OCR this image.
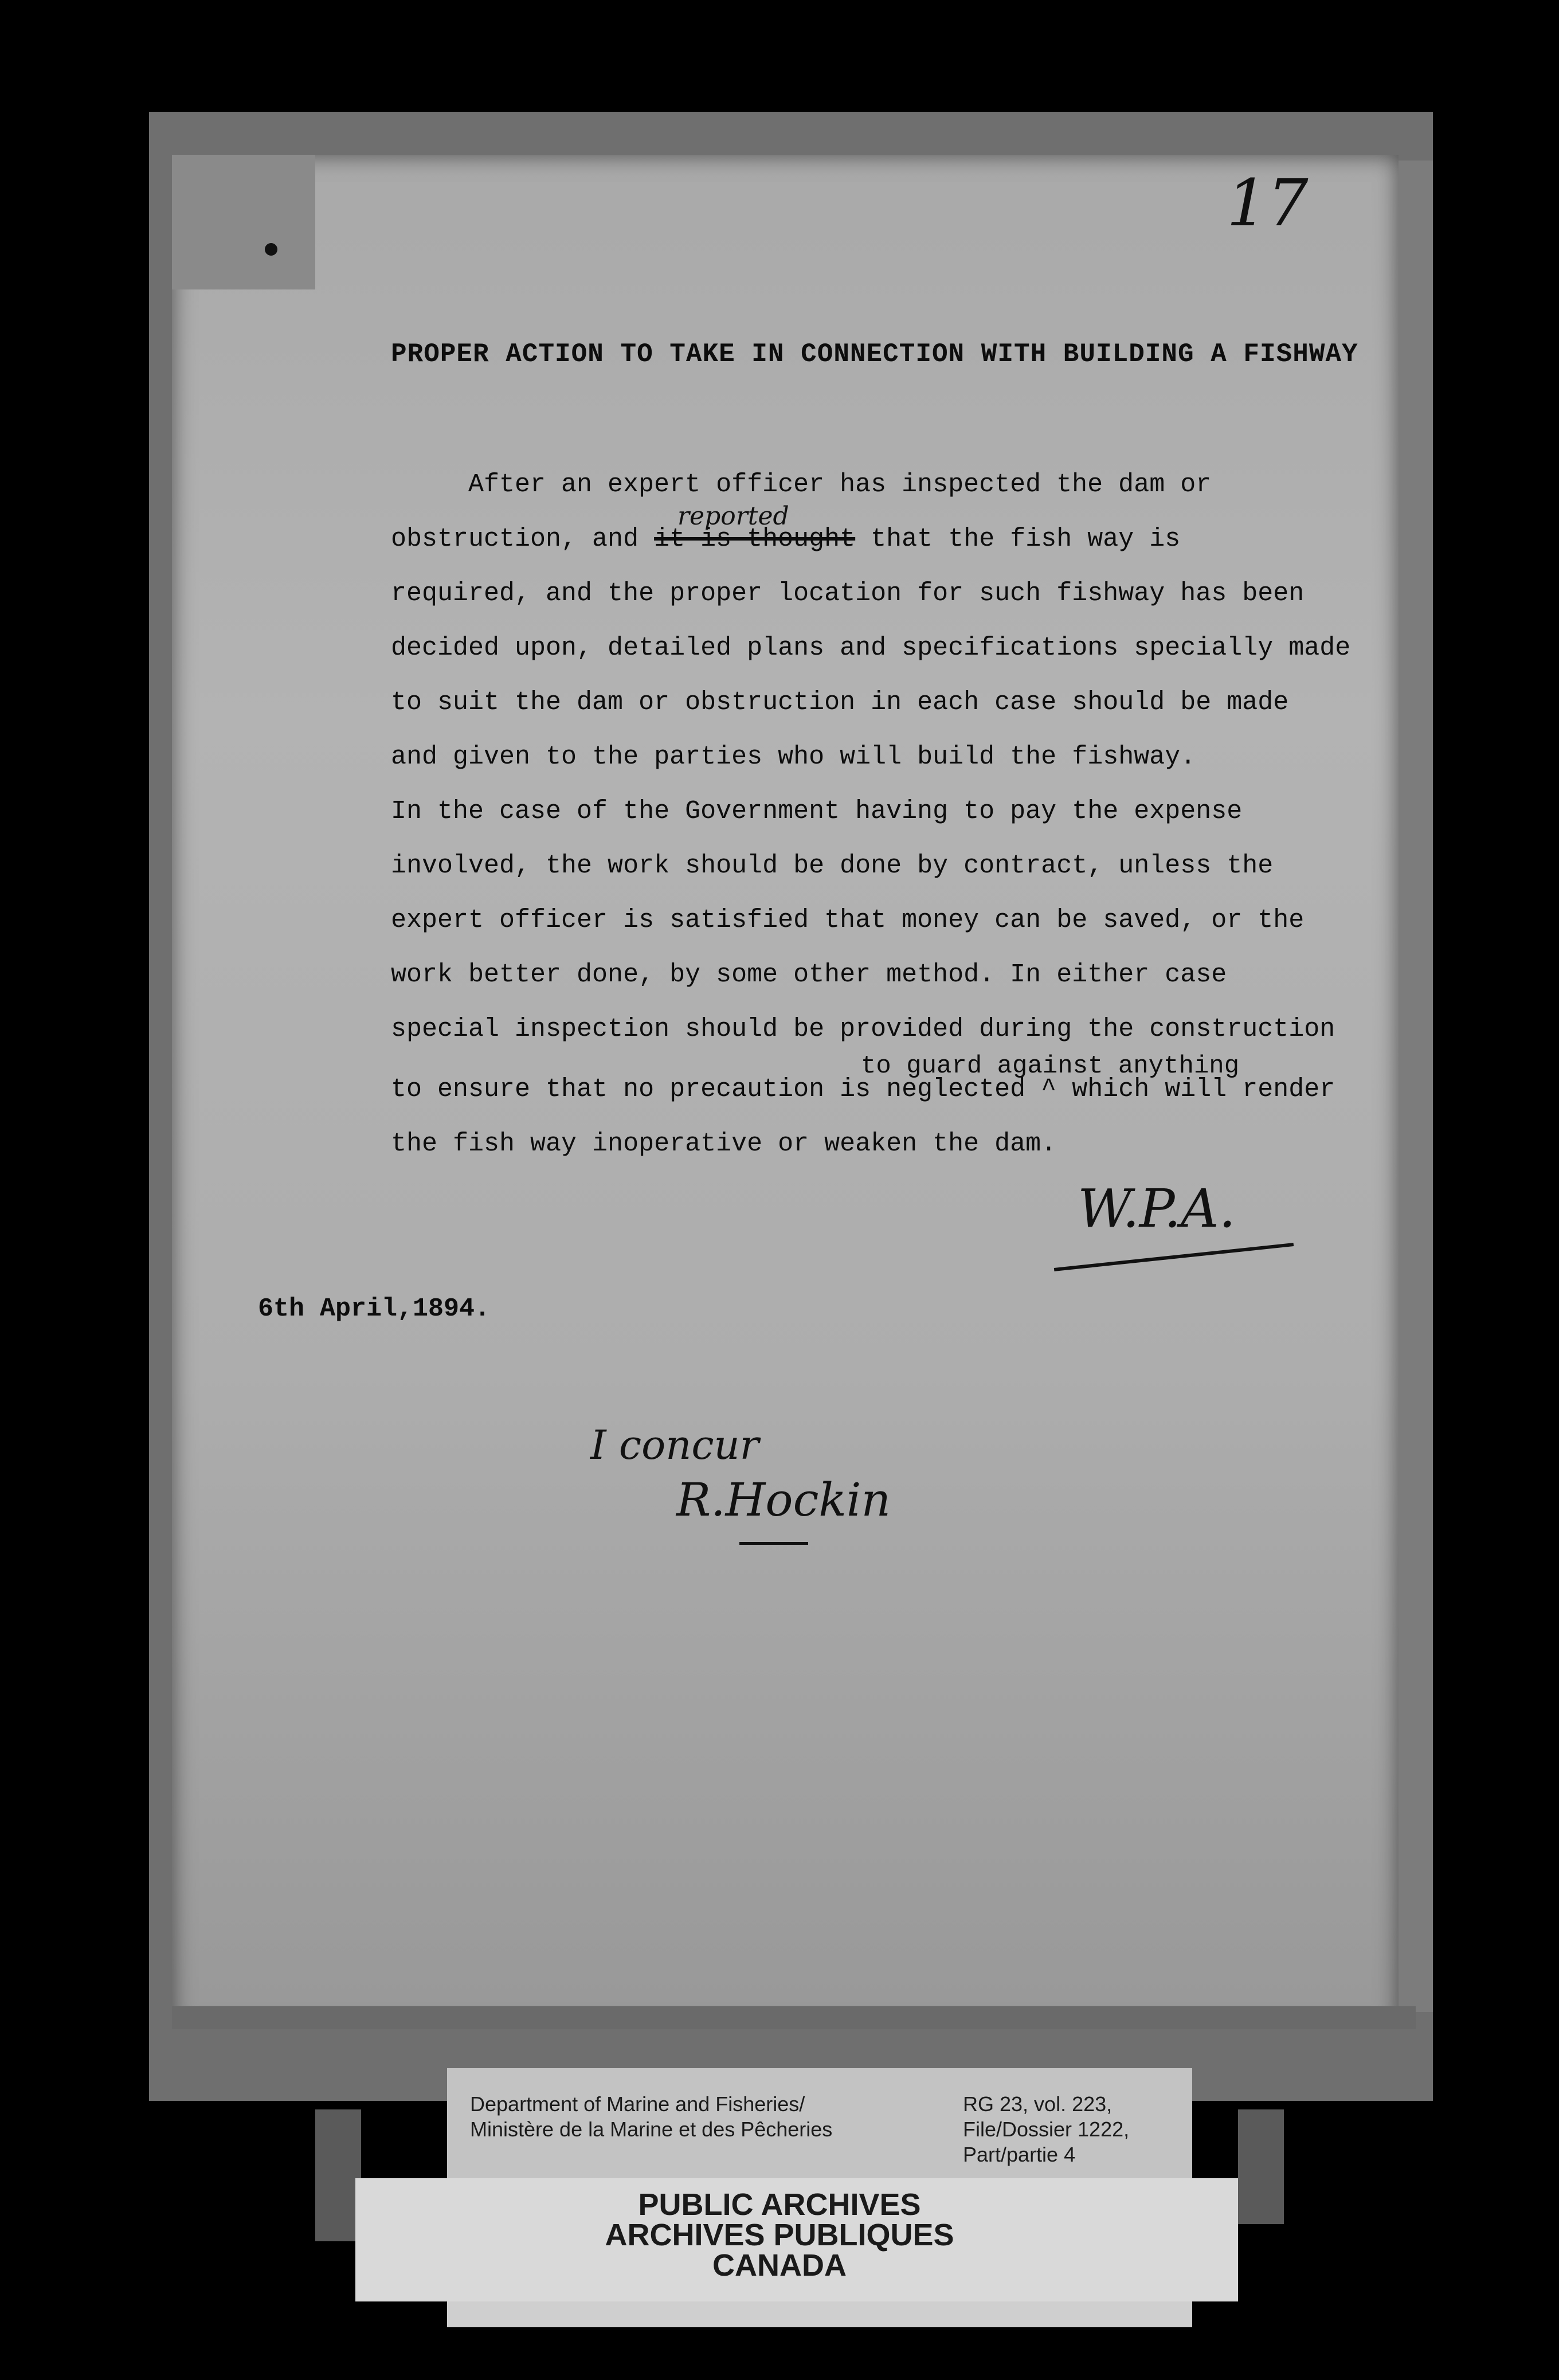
17
PROPER ACTION TO TAKE IN CONNECTION WITH BUILDING A FISHWAY
After an expert officer has inspected the dam or
reported
obstruction, and it is thought that the fish way is
required, and the proper location for such fishway has been
decided upon, detailed plans and specifications specially made
to suit the dam or obstruction in each case should be made
and given to the parties who will build the fishway.
In the case of the Government having to pay the expense
involved, the work should be done by contract, unless the
expert officer is satisfied that money can be saved, or the
work better done, by some other method. In either case
special inspection should be provided during the construction
to guard against anything
to ensure that no precaution is neglected ^ which will render
the fish way inoperative or weaken the dam.
W.P.A.
6th April,1894.
I concur
R.Hockin
Department of Marine and Fisheries/
Ministère de la Marine et des Pêcheries
RG 23, vol. 223,
File/Dossier 1222,
Part/partie 4
PUBLIC ARCHIVES
ARCHIVES PUBLIQUES
CANADA
